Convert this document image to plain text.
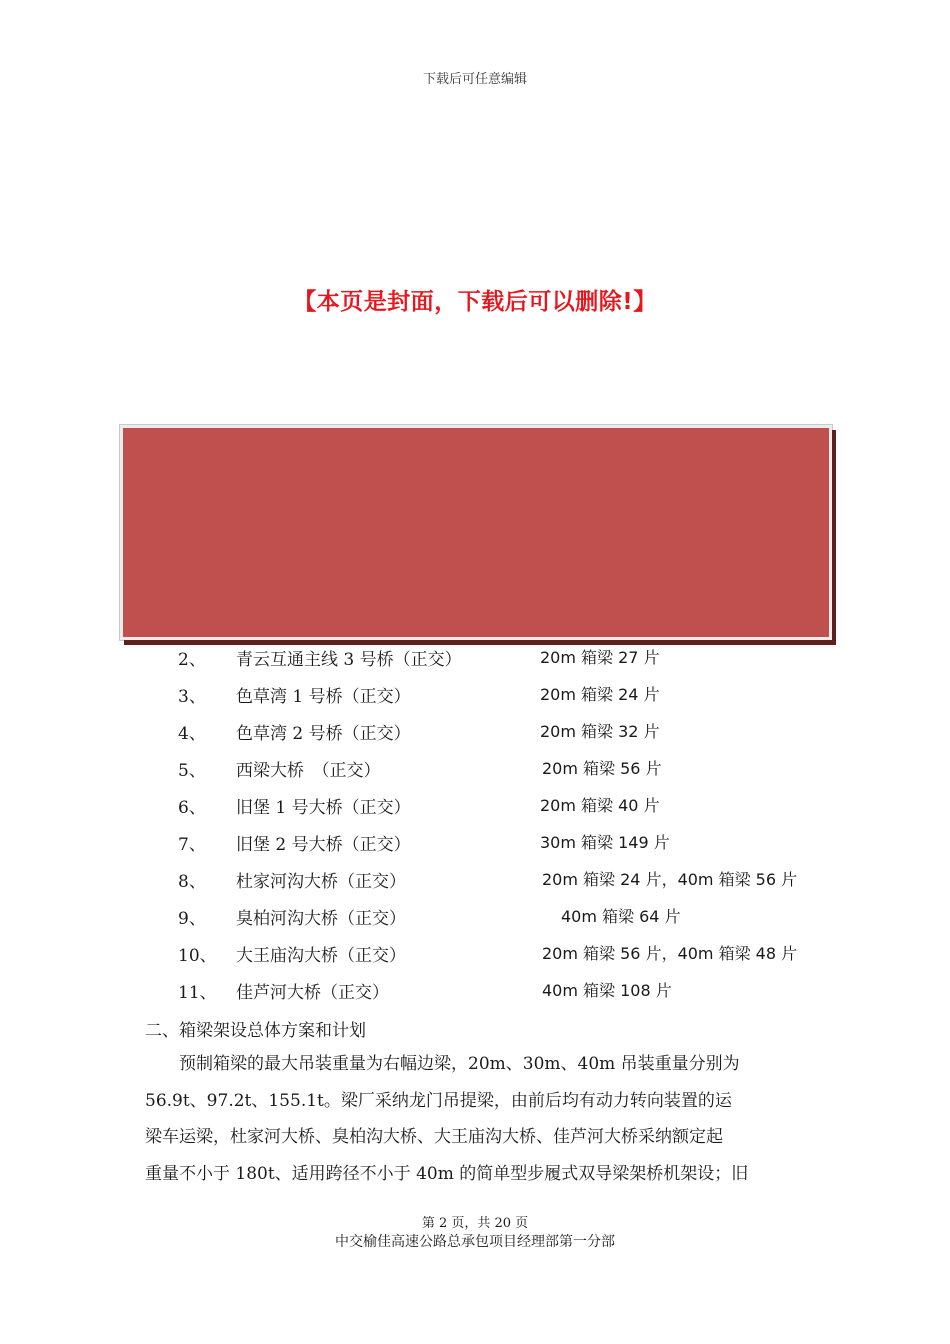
下载后可任意编辑
【本页是封面，下载后可以删除!】
2、 青云互通主线 3 号桥（正交）	20m 箱梁 27 片
3、 色草湾 1 号桥（正交）	20m 箱梁 24 片
4、 色草湾 2 号桥（正交）	20m 箱梁 32 片
5、 西梁大桥　（正交）	20m 箱梁 56 片
6、 旧堡 1 号大桥（正交）	20m 箱梁 40 片
7、 旧堡 2 号大桥（正交）	30m 箱梁 149 片
8、 杜家河沟大桥（正交）	20m 箱梁 24 片，40m 箱梁 56 片
9、 臭柏河沟大桥（正交）	40m 箱梁 64 片
10、 大王庙沟大桥（正交）	20m 箱梁 56 片，40m 箱梁 48 片
11、 佳芦河大桥（正交）	40m 箱梁 108 片
二、箱梁架设总体方案和计划
　　预制箱梁的最大吊装重量为右幅边梁，20m、30m、40m 吊装重量分别为
56.9t、97.2t、155.1t。梁厂采纳龙门吊提梁，由前后均有动力转向装置的运
梁车运梁，杜家河大桥、臭柏沟大桥、大王庙沟大桥、佳芦河大桥采纳额定起
重量不小于 180t、适用跨径不小于 40m 的简单型步履式双导梁架桥机架设；旧
第 2 页，共 20 页
中交榆佳高速公路总承包项目经理部第一分部
